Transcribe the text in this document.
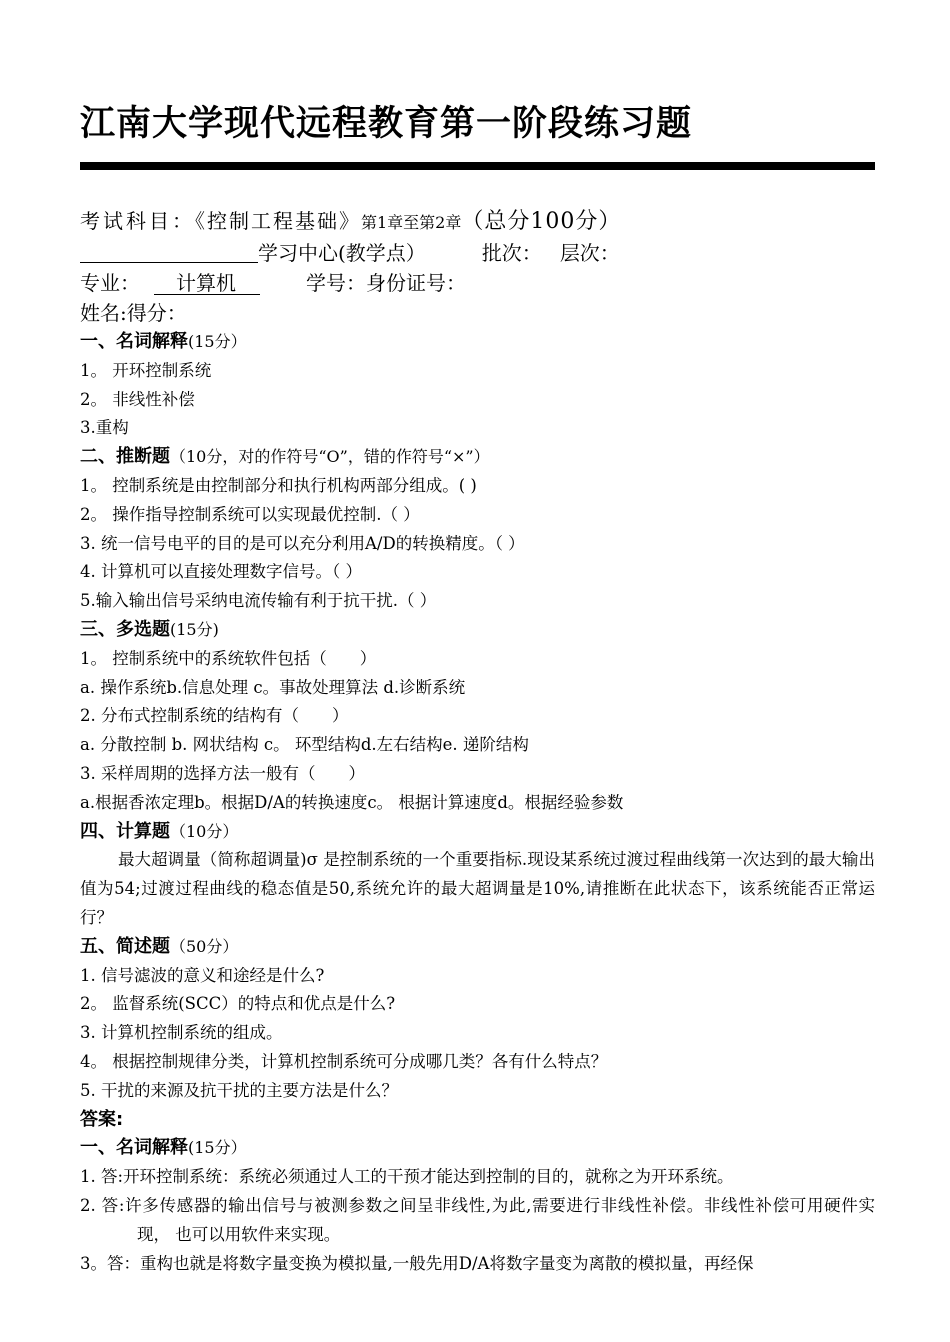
江南大学现代远程教育第一阶段练习题
考试科目：《控制工程基础》第1章至第2章（总分100分）
学习中心(教学点）	批次： 层次：
专业： 计算机	学号：身份证号：
姓名:得分：
一、名词解释(15分）
1。 开环控制系统
2。 非线性补偿
3.重构
二、推断题（10分，对的作符号“O”，错的作符号“×”）
1。 控制系统是由控制部分和执行机构两部分组成。( )
2。 操作指导控制系统可以实现最优控制.（ ）
3. 统一信号电平的目的是可以充分利用A/D的转换精度。（ ）
4. 计算机可以直接处理数字信号。（ ）
5.输入输出信号采纳电流传输有利于抗干扰.（ ）
三、多选题(15分)
1。 控制系统中的系统软件包括（　　）
a. 操作系统b.信息处理 c。事故处理算法 d.诊断系统
2. 分布式控制系统的结构有（　　）
a. 分散控制 b. 网状结构 c。 环型结构d.左右结构e. 递阶结构
3. 采样周期的选择方法一般有（　　）
a.根据香浓定理b。根据D/A的转换速度c。 根据计算速度d。根据经验参数
四、计算题（10分）
最大超调量（简称超调量)σ 是控制系统的一个重要指标.现设某系统过渡过程曲线第一次达到的最大输出值为54;过渡过程曲线的稳态值是50,系统允许的最大超调量是10%,请推断在此状态下，该系统能否正常运行？
五、简述题（50分）
1. 信号滤波的意义和途经是什么?
2。 监督系统(SCC）的特点和优点是什么?
3. 计算机控制系统的组成。
4。 根据控制规律分类，计算机控制系统可分成哪几类？各有什么特点？
5. 干扰的来源及抗干扰的主要方法是什么？
答案:
一、名词解释(15分）
1. 答:开环控制系统：系统必须通过人工的干预才能达到控制的目的，就称之为开环系统。
2. 答:许多传感器的输出信号与被测参数之间呈非线性,为此,需要进行非线性补偿。非线性补偿可用硬件实现， 也可以用软件来实现。
3。答：重构也就是将数字量变换为模拟量,一般先用D/A将数字量变为离散的模拟量，再经保
